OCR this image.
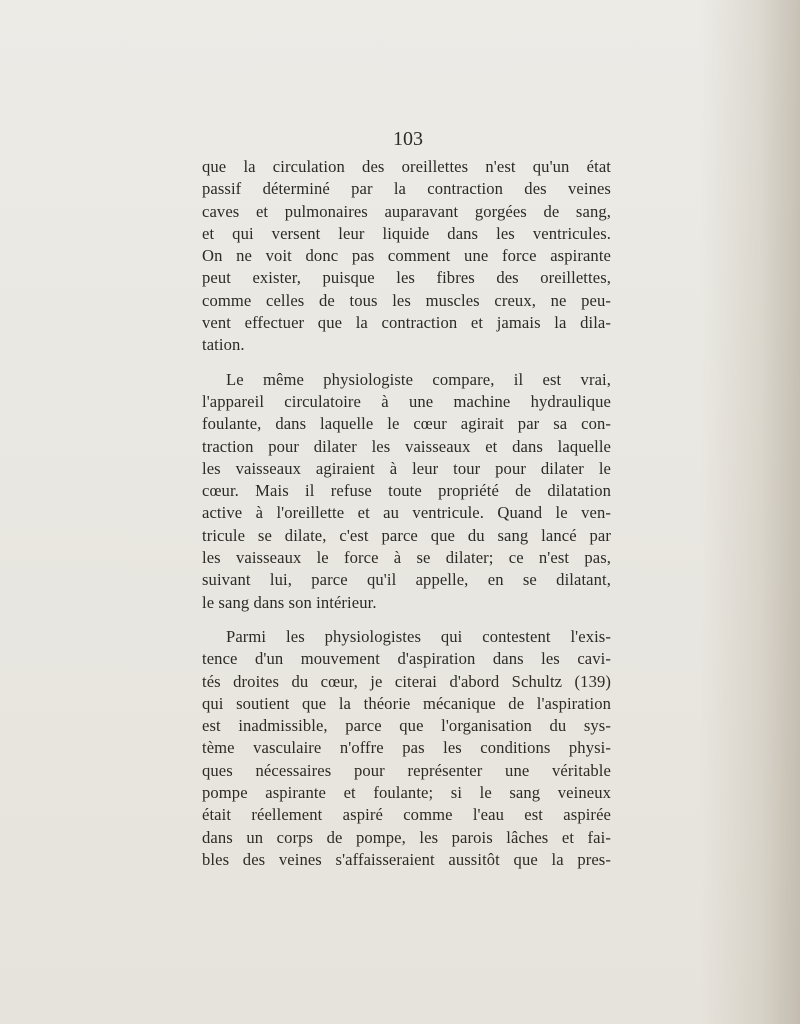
103
que la circulation des oreillettes n'est qu'un état
passif déterminé par la contraction des veines
caves et pulmonaires auparavant gorgées de sang,
et qui versent leur liquide dans les ventricules.
On ne voit donc pas comment une force aspirante
peut exister, puisque les fibres des oreillettes,
comme celles de tous les muscles creux, ne peu-
vent effectuer que la contraction et jamais la dila-
tation.
Le même physiologiste compare, il est vrai,
l'appareil circulatoire à une machine hydraulique
foulante, dans laquelle le cœur agirait par sa con-
traction pour dilater les vaisseaux et dans laquelle
les vaisseaux agiraient à leur tour pour dilater le
cœur. Mais il refuse toute propriété de dilatation
active à l'oreillette et au ventricule. Quand le ven-
tricule se dilate, c'est parce que du sang lancé par
les vaisseaux le force à se dilater; ce n'est pas,
suivant lui, parce qu'il appelle, en se dilatant,
le sang dans son intérieur.
Parmi les physiologistes qui contestent l'exis-
tence d'un mouvement d'aspiration dans les cavi-
tés droites du cœur, je citerai d'abord Schultz (139)
qui soutient que la théorie mécanique de l'aspiration
est inadmissible, parce que l'organisation du sys-
tème vasculaire n'offre pas les conditions physi-
ques nécessaires pour représenter une véritable
pompe aspirante et foulante; si le sang veineux
était réellement aspiré comme l'eau est aspirée
dans un corps de pompe, les parois lâches et fai-
bles des veines s'affaisseraient aussitôt que la pres-
